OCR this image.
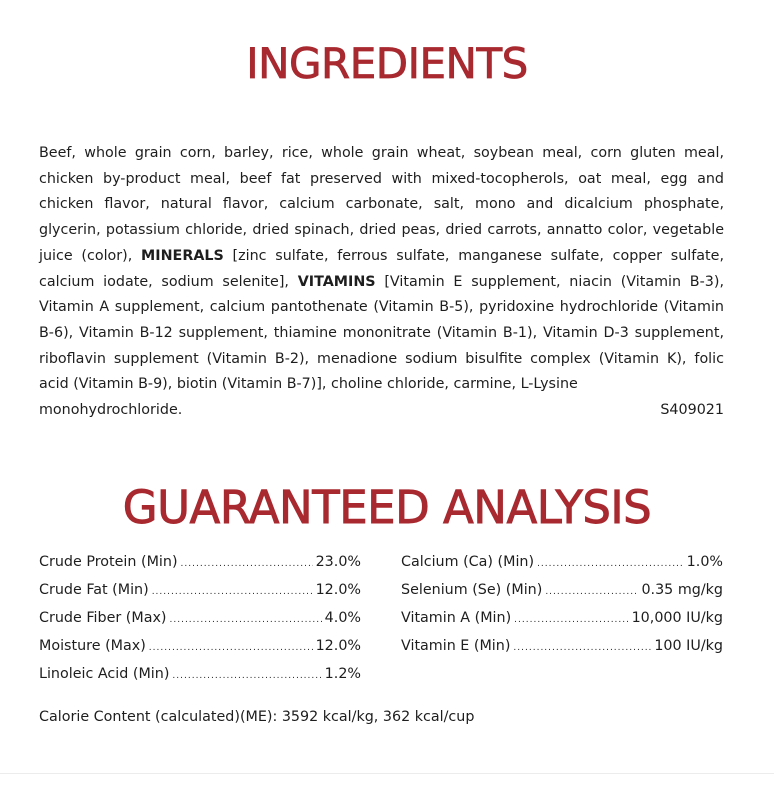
INGREDIENTS

Beef, whole grain corn, barley, rice, whole grain wheat, soybean meal, corn gluten meal, chicken by-product meal, beef fat preserved with mixed-tocopherols, oat meal, egg and chicken flavor, natural flavor, calcium carbonate, salt, mono and dicalcium phosphate, glycerin, potassium chloride, dried spinach, dried peas, dried carrots, annatto color, vegetable juice (color), MINERALS [zinc sulfate, ferrous sulfate, manganese sulfate, copper sulfate, calcium iodate, sodium selenite], VITAMINS [Vitamin E supplement, niacin (Vitamin B-3), Vitamin A supplement, calcium pantothenate (Vitamin B-5), pyridoxine hydrochloride (Vitamin B-6), Vitamin B-12 supplement, thiamine mononitrate (Vitamin B-1), Vitamin D-3 supplement, riboflavin supplement (Vitamin B-2), menadione sodium bisulfite complex (Vitamin K), folic acid (Vitamin B-9), biotin (Vitamin B-7)], choline chloride, carmine, L-Lysine
monohydrochloride.	S409021

GUARANTEED ANALYSIS
Crude Protein (Min) .....	23.0%
Crude Fat (Min) .....	12.0%
Crude Fiber (Max) .....	4.0%
Moisture (Max) .....	12.0%
Linoleic Acid (Min) .....	1.2%
Calcium (Ca) (Min) .....	1.0%
Selenium (Se) (Min) .....	0.35 mg/kg
Vitamin A (Min) .....	10,000 IU/kg
Vitamin E (Min) .....	100 IU/kg
Calorie Content (calculated)(ME): 3592 kcal/kg, 362 kcal/cup
